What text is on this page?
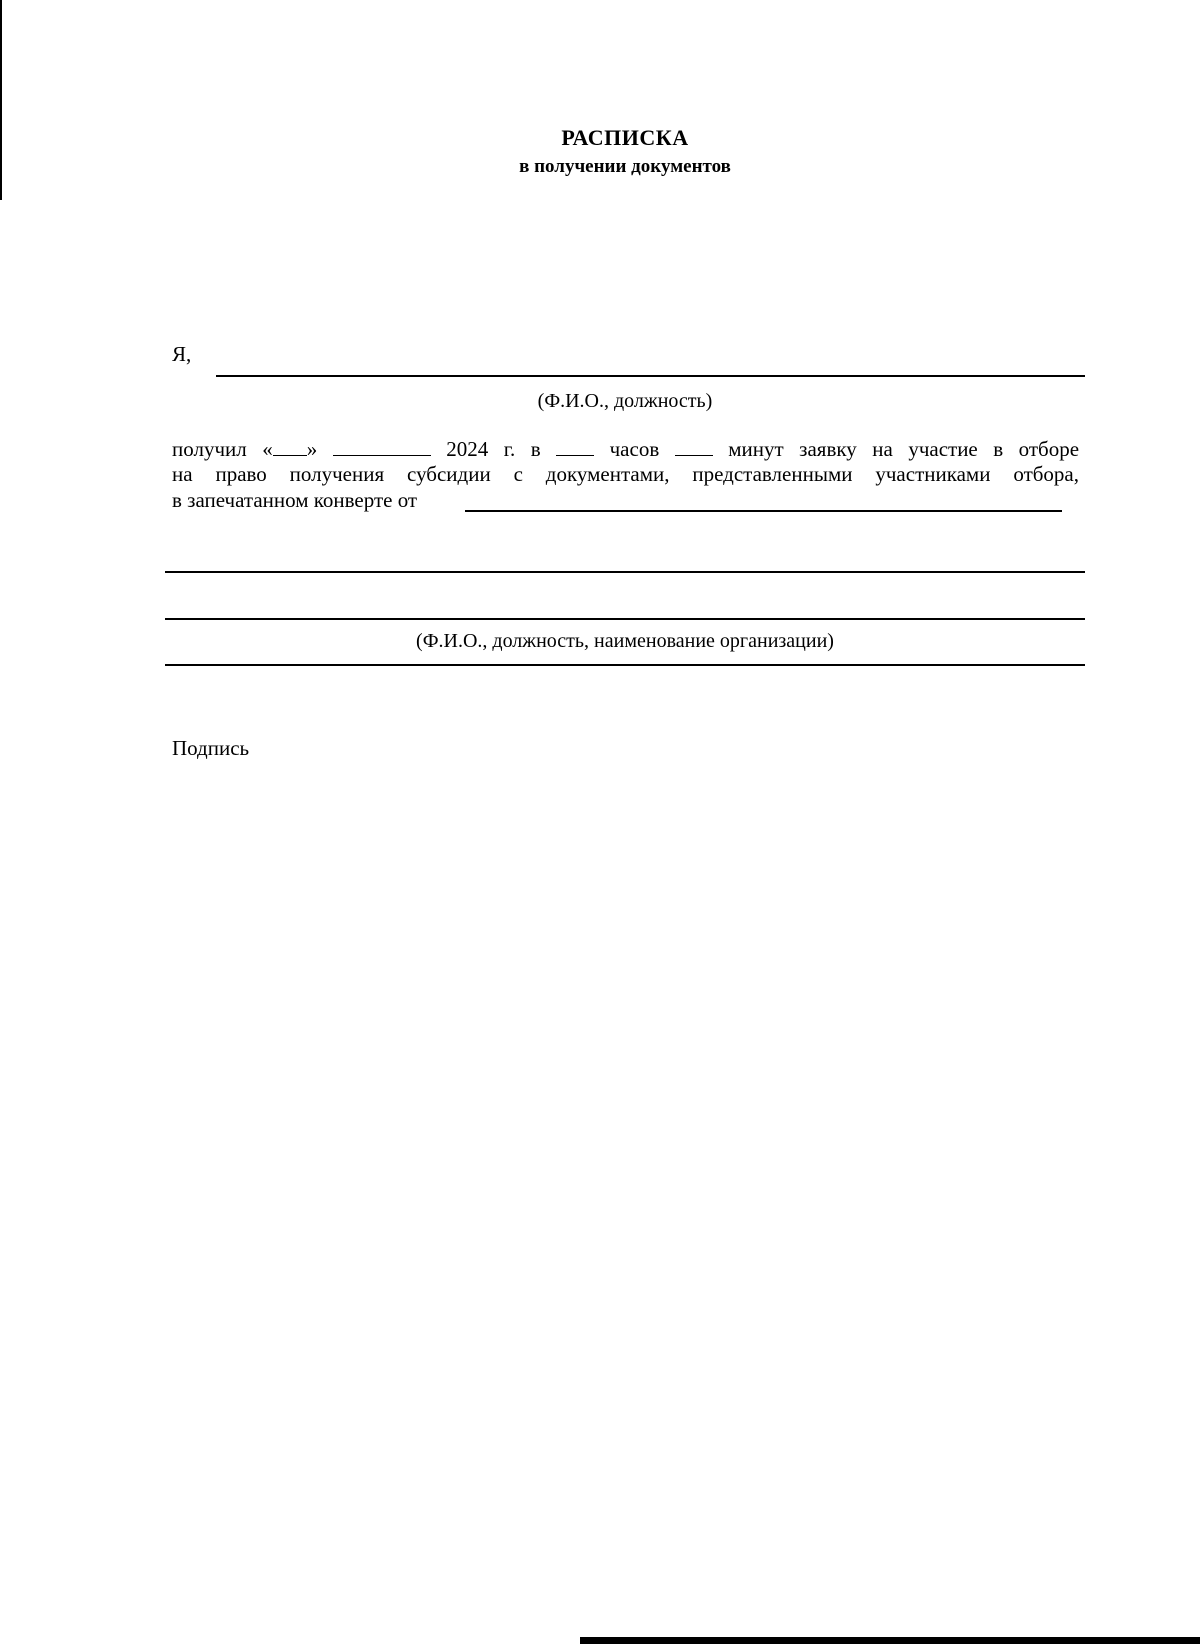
РАСПИСКА
в получении документов
Я,
(Ф.И.О., должность)
получил « »	2024 г. в	часов	минут заявку на участие в отборе
на право получения субсидии с документами, представленными участниками отбора,
в запечатанном конверте от
(Ф.И.О., должность, наименование организации)
Подпись
